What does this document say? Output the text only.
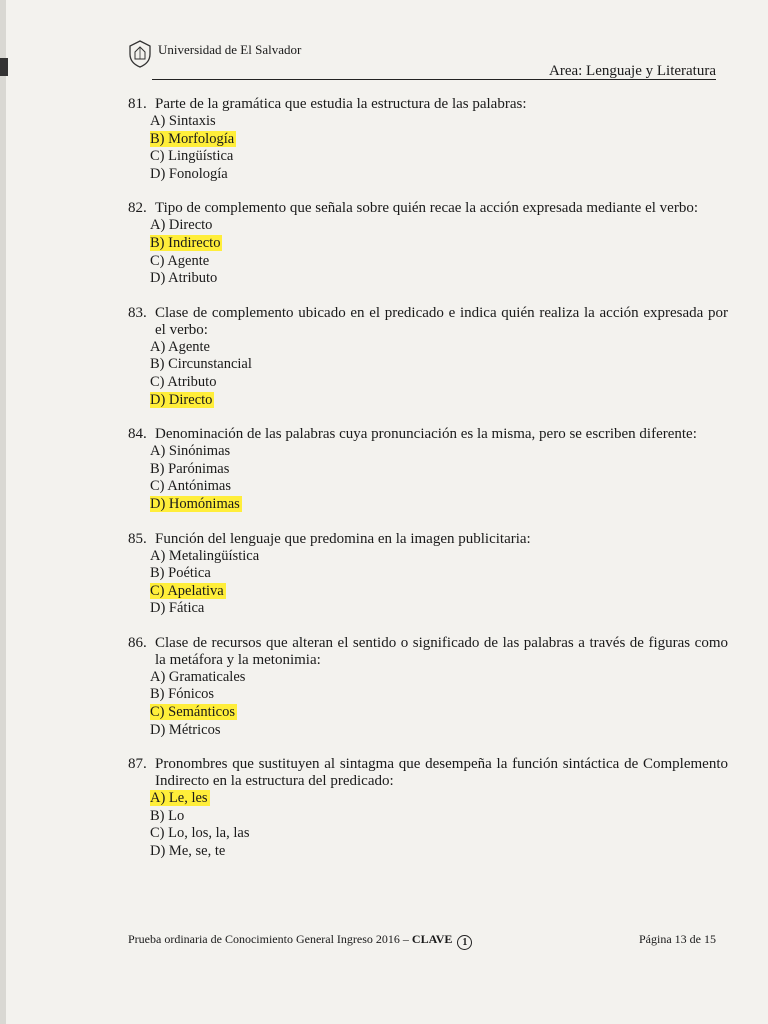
Universidad de El Salvador
Area: Lenguaje y Literatura
81. Parte de la gramática que estudia la estructura de las palabras:
A) Sintaxis
B) Morfología
C) Lingüística
D) Fonología
82. Tipo de complemento que señala sobre quién recae la acción expresada mediante el verbo:
A) Directo
B) Indirecto
C) Agente
D) Atributo
83. Clase de complemento ubicado en el predicado e indica quién realiza la acción expresada por el verbo:
A) Agente
B) Circunstancial
C) Atributo
D) Directo
84. Denominación de las palabras cuya pronunciación es la misma, pero se escriben diferente:
A) Sinónimas
B) Parónimas
C) Antónimas
D) Homónimas
85. Función del lenguaje que predomina en la imagen publicitaria:
A) Metalingüística
B) Poética
C) Apelativa
D) Fática
86. Clase de recursos que alteran el sentido o significado de las palabras a través de figuras como la metáfora y la metonimia:
A) Gramaticales
B) Fónicos
C) Semánticos
D) Métricos
87. Pronombres que sustituyen al sintagma que desempeña la función sintáctica de Complemento Indirecto en la estructura del predicado:
A) Le, les
B) Lo
C) Lo, los, la, las
D) Me, se, te
Prueba ordinaria de Conocimiento General Ingreso 2016 – CLAVE 1	Página 13 de 15
